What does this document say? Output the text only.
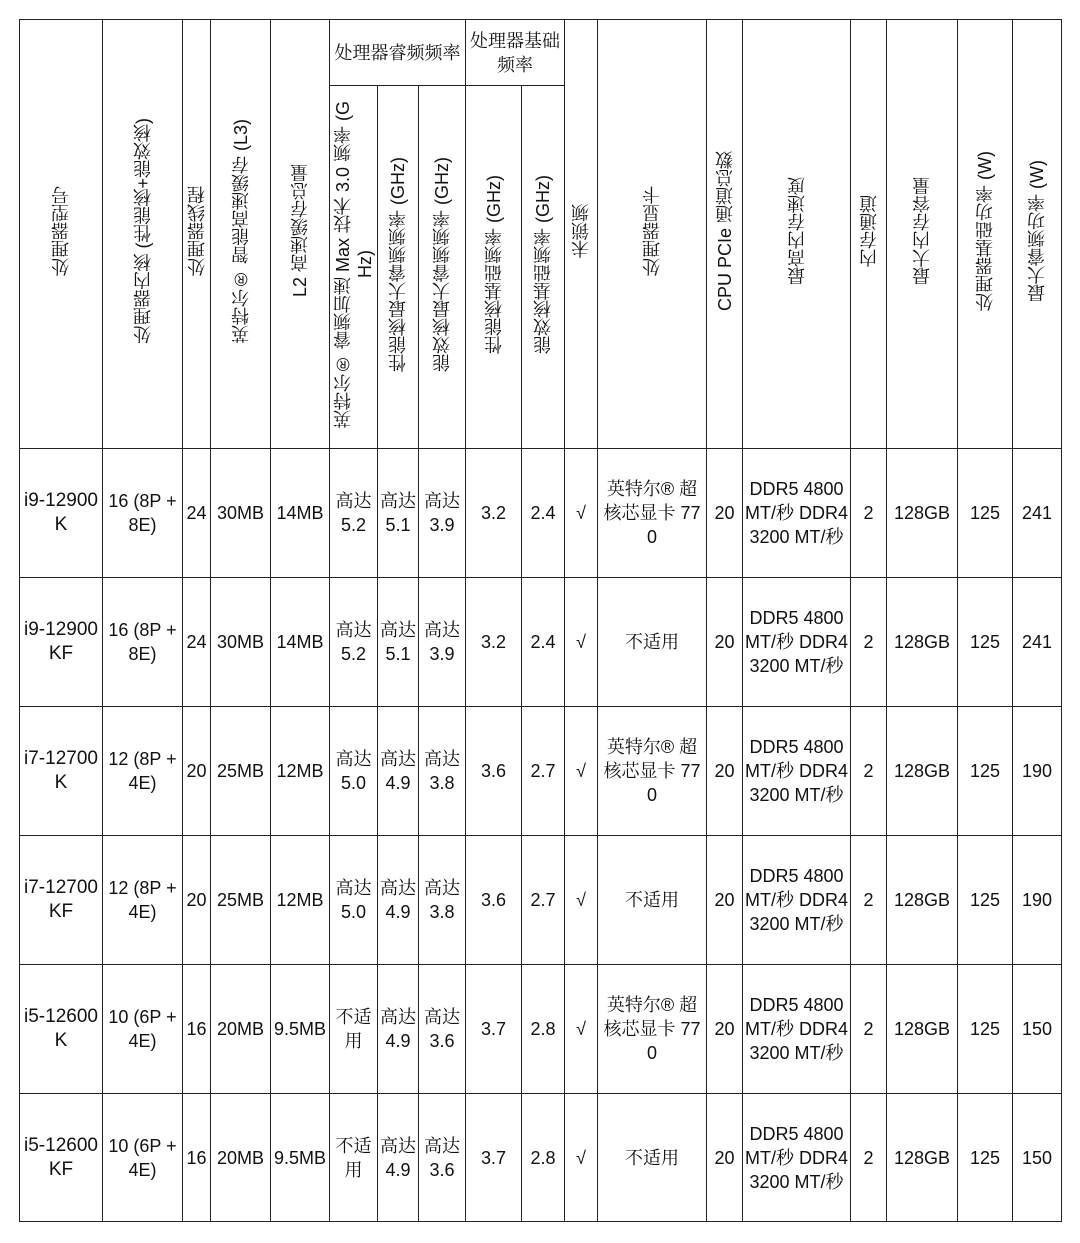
处理器型号	处理器内核 (性能核+能效核)	处理器线程	英特尔® 智能高速缓存 (L3)	L2 高速缓存总量	处理器睿频频率			处理器基础频率		未锁频	处理器显卡	CPU PCIe 通道总数	最高内存速度	内存通道	最大内存容量	处理器基础功率 (W)	最大睿频功率 (W)
					英特尔® 睿频加速 Max 技术 3.0 频率 (GHz)	性能核最大睿频频率 (GHz)	能效核最大睿频频率 (GHz)	性能核基础频率 (GHz)	能效核基础频率 (GHz)								

i9-12900K	16 (8P + 8E)	24	30MB	14MB	高达 5.2	高达 5.1	高达 3.9	3.2	2.4	√	英特尔® 超核芯显卡 770	20	DDR5 4800 MT/秒 DDR4 3200 MT/秒	2	128GB	125	241

i9-12900KF	16 (8P + 8E)	24	30MB	14MB	高达 5.2	高达 5.1	高达 3.9	3.2	2.4	√	不适用	20	DDR5 4800 MT/秒 DDR4 3200 MT/秒	2	128GB	125	241

i7-12700K	12 (8P + 4E)	20	25MB	12MB	高达 5.0	高达 4.9	高达 3.8	3.6	2.7	√	英特尔® 超核芯显卡 770	20	DDR5 4800 MT/秒 DDR4 3200 MT/秒	2	128GB	125	190

i7-12700KF	12 (8P + 4E)	20	25MB	12MB	高达 5.0	高达 4.9	高达 3.8	3.6	2.7	√	不适用	20	DDR5 4800 MT/秒 DDR4 3200 MT/秒	2	128GB	125	190

i5-12600K	10 (6P + 4E)	16	20MB	9.5MB	不适用	高达 4.9	高达 3.6	3.7	2.8	√	英特尔® 超核芯显卡 770	20	DDR5 4800 MT/秒 DDR4 3200 MT/秒	2	128GB	125	150

i5-12600KF	10 (6P + 4E)	16	20MB	9.5MB	不适用	高达 4.9	高达 3.6	3.7	2.8	√	不适用	20	DDR5 4800 MT/秒 DDR4 3200 MT/秒	2	128GB	125	150
